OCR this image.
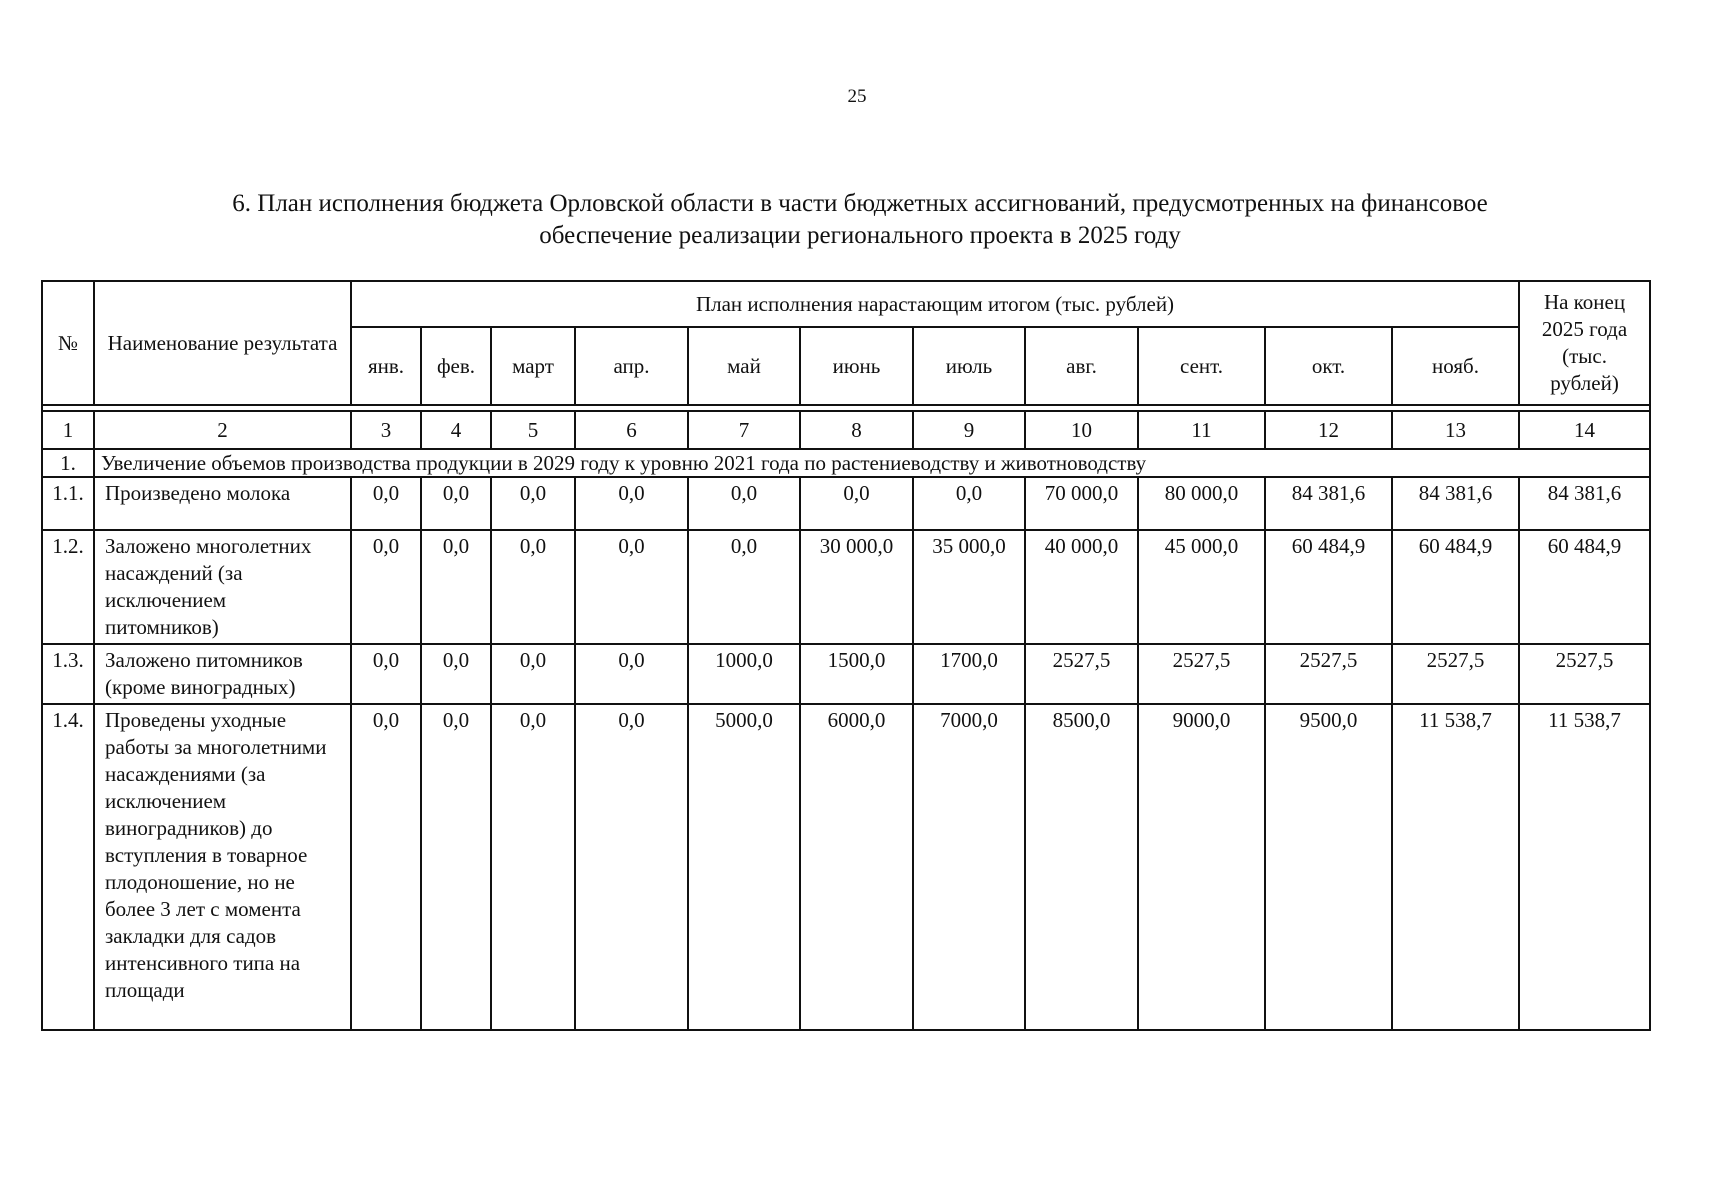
25
6. План исполнения бюджета Орловской области в части бюджетных ассигнований, предусмотренных на финансовое
обеспечение реализации регионального проекта в 2025 году
№	Наименование результата	План исполнения нарастающим итогом (тыс. рублей)											На конец 2025 года (тыс. рублей)
		янв.	фев.	март	апр.	май	июнь	июль	авг.	сент.	окт.	нояб.	

1	2	3	4	5	6	7	8	9	10	11	12	13	14
1.	Увеличение объемов производства продукции в 2029 году к уровню 2021 года по растениеводству и животноводству												
1.1.	Произведено молока	0,0	0,0	0,0	0,0	0,0	0,0	0,0	70 000,0	80 000,0	84 381,6	84 381,6	84 381,6
1.2.	Заложено многолетних насаждений (за исключением питомников)	0,0	0,0	0,0	0,0	0,0	30 000,0	35 000,0	40 000,0	45 000,0	60 484,9	60 484,9	60 484,9
1.3.	Заложено питомников (кроме виноградных)	0,0	0,0	0,0	0,0	1000,0	1500,0	1700,0	2527,5	2527,5	2527,5	2527,5	2527,5
1.4.	Проведены уходные работы за многолетними насаждениями (за исключением виноградников) до вступления в товарное плодоношение, но не более 3 лет с момента закладки для садов интенсивного типа на площади	0,0	0,0	0,0	0,0	5000,0	6000,0	7000,0	8500,0	9000,0	9500,0	11 538,7	11 538,7
